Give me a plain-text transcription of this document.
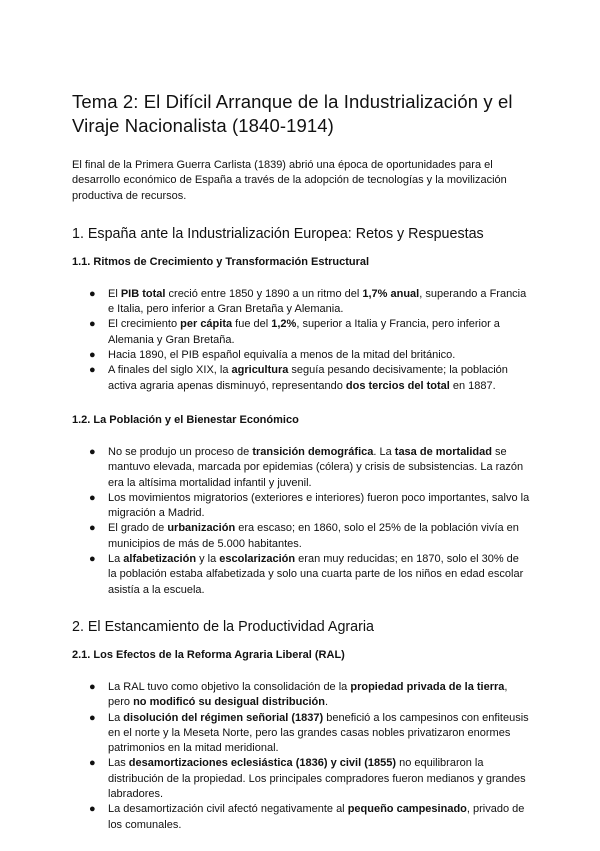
Tema 2: El Difícil Arranque de la Industrialización y el Viraje Nacionalista (1840-1914)

El final de la Primera Guerra Carlista (1839) abrió una época de oportunidades para el desarrollo económico de España a través de la adopción de tecnologías y la movilización productiva de recursos.

1. España ante la Industrialización Europea: Retos y Respuestas
1.1. Ritmos de Crecimiento y Transformación Estructural
● El PIB total creció entre 1850 y 1890 a un ritmo del 1,7% anual, superando a Francia e Italia, pero inferior a Gran Bretaña y Alemania.
● El crecimiento per cápita fue del 1,2%, superior a Italia y Francia, pero inferior a Alemania y Gran Bretaña.
● Hacia 1890, el PIB español equivalía a menos de la mitad del británico.
● A finales del siglo XIX, la agricultura seguía pesando decisivamente; la población activa agraria apenas disminuyó, representando dos tercios del total en 1887.
1.2. La Población y el Bienestar Económico
● No se produjo un proceso de transición demográfica. La tasa de mortalidad se mantuvo elevada, marcada por epidemias (cólera) y crisis de subsistencias. La razón era la altísima mortalidad infantil y juvenil.
● Los movimientos migratorios (exteriores e interiores) fueron poco importantes, salvo la migración a Madrid.
● El grado de urbanización era escaso; en 1860, solo el 25% de la población vivía en municipios de más de 5.000 habitantes.
● La alfabetización y la escolarización eran muy reducidas; en 1870, solo el 30% de la población estaba alfabetizada y solo una cuarta parte de los niños en edad escolar asistía a la escuela.
2. El Estancamiento de la Productividad Agraria
2.1. Los Efectos de la Reforma Agraria Liberal (RAL)
● La RAL tuvo como objetivo la consolidación de la propiedad privada de la tierra, pero no modificó su desigual distribución.
● La disolución del régimen señorial (1837) benefició a los campesinos con enfiteusis en el norte y la Meseta Norte, pero las grandes casas nobles privatizaron enormes patrimonios en la mitad meridional.
● Las desamortizaciones eclesiástica (1836) y civil (1855) no equilibraron la distribución de la propiedad. Los principales compradores fueron medianos y grandes labradores.
● La desamortización civil afectó negativamente al pequeño campesinado, privado de los comunales.
